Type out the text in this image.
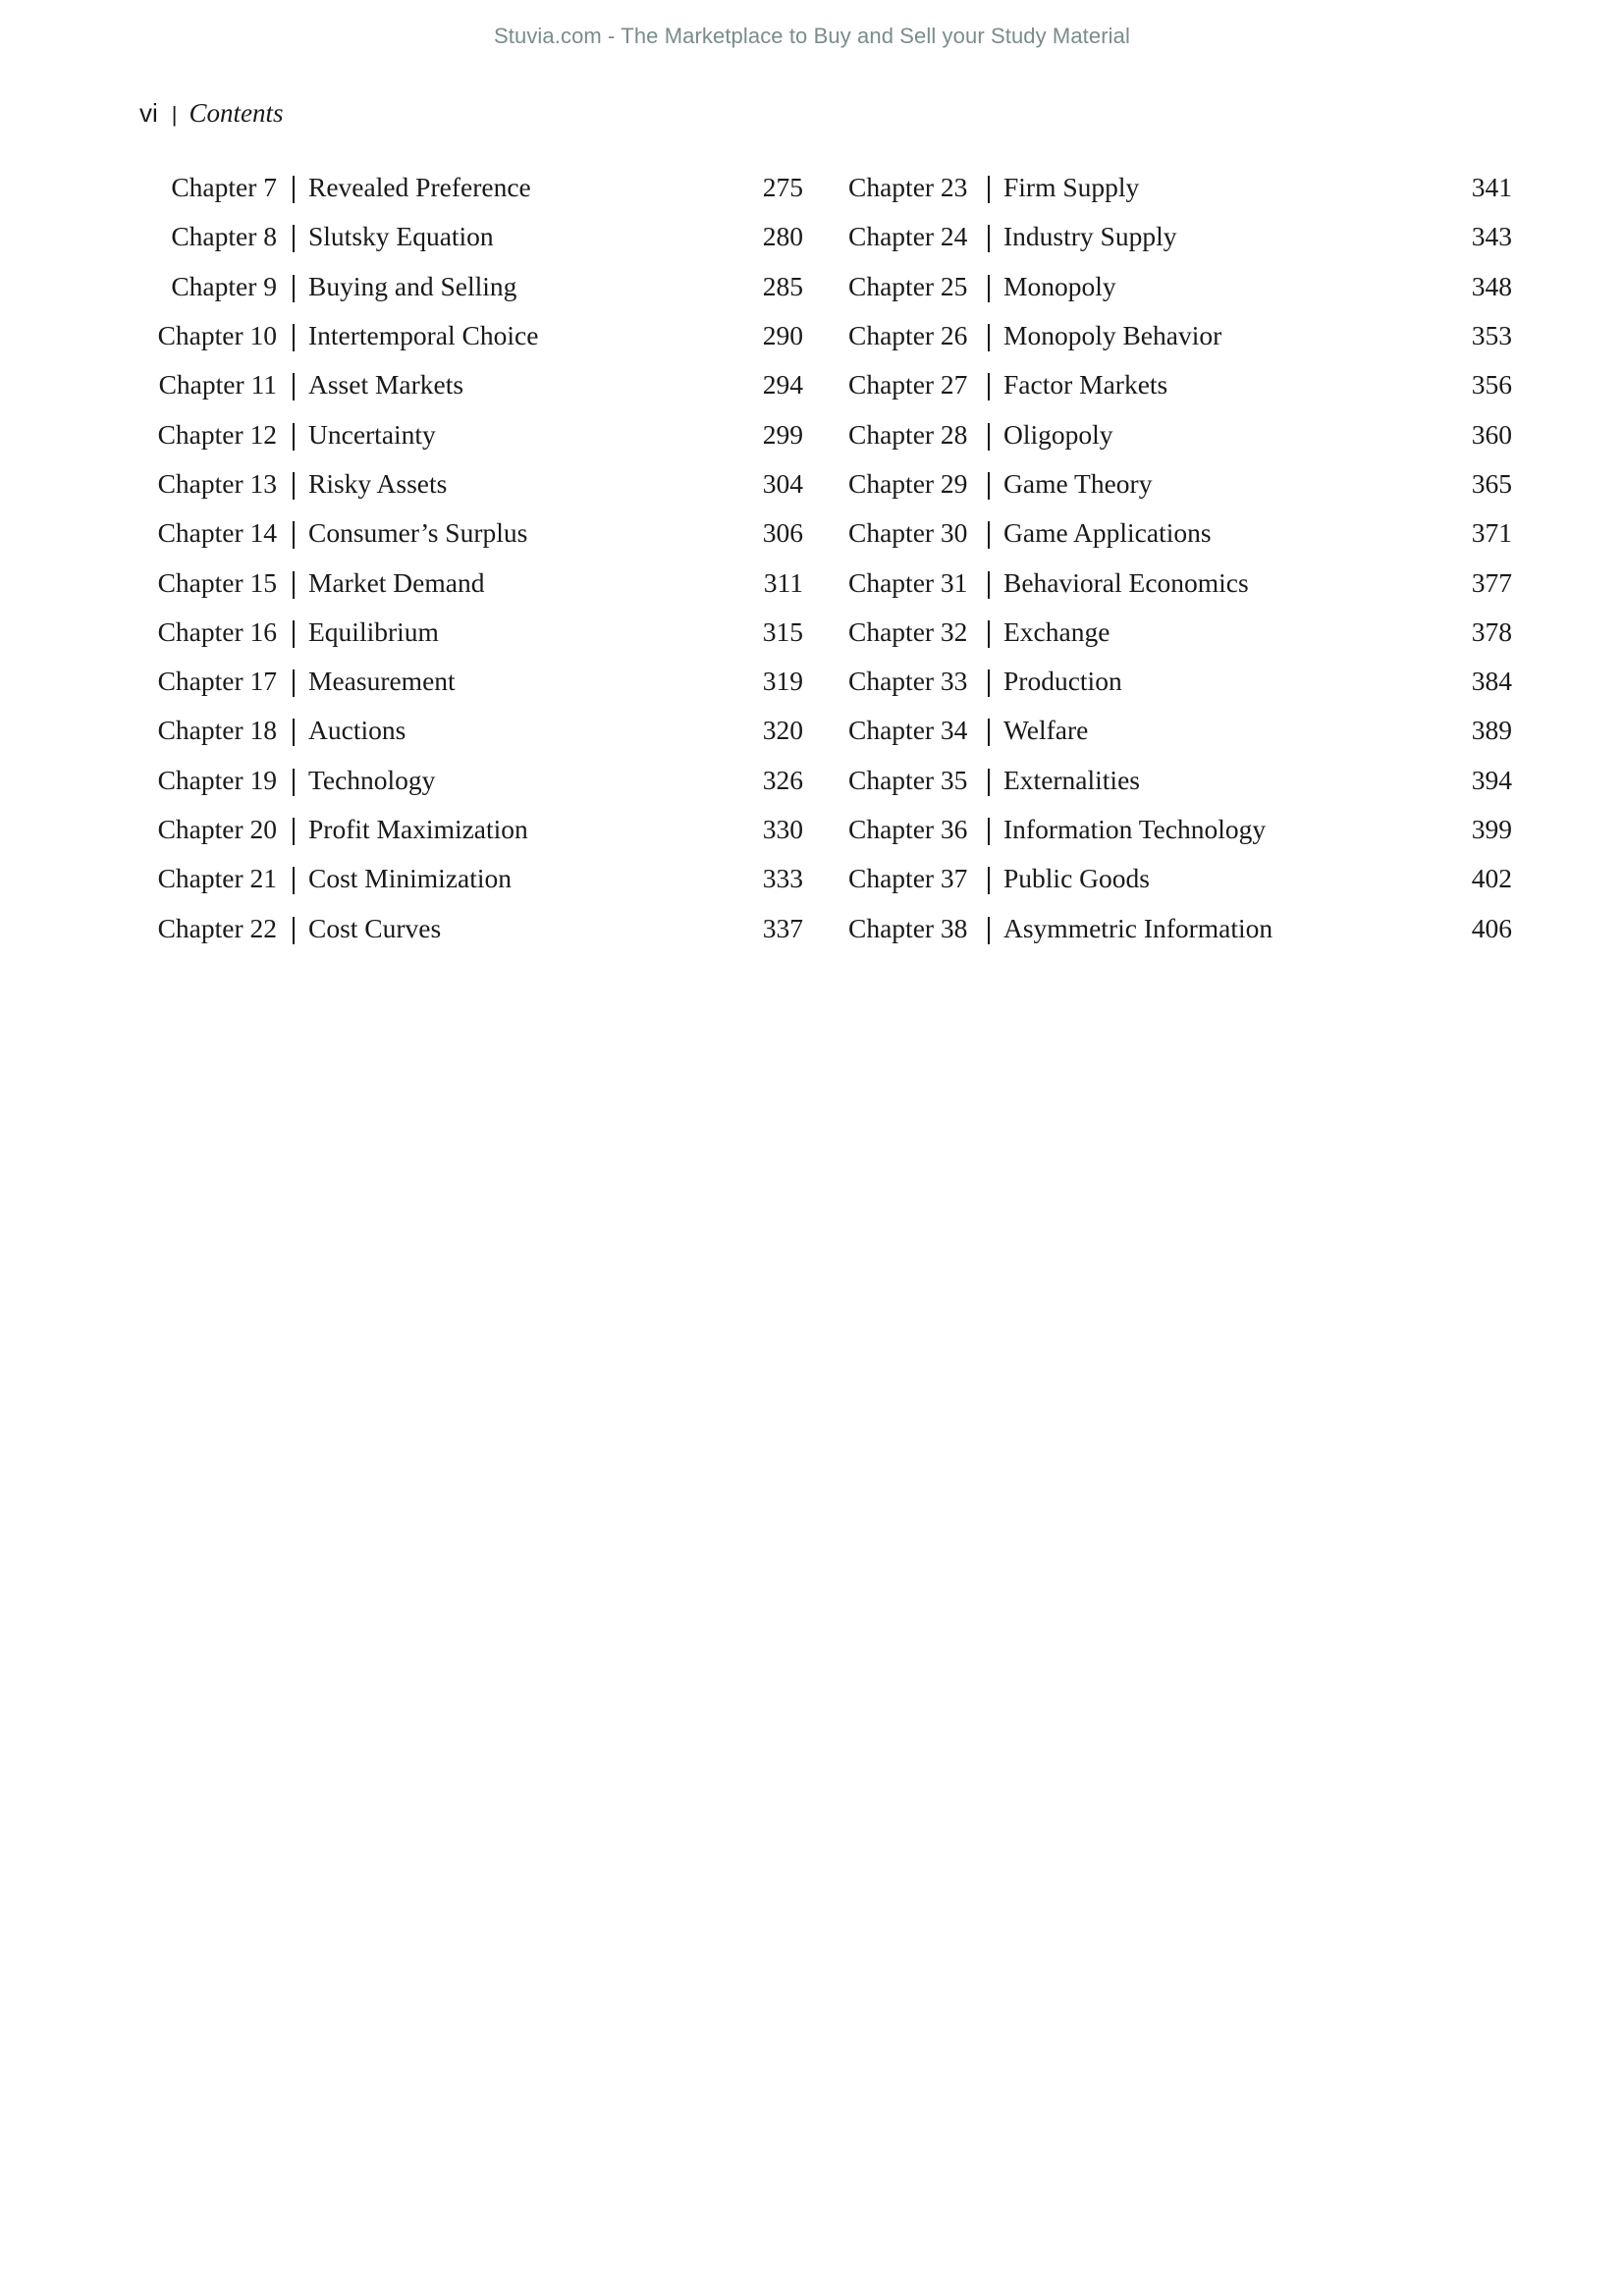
Stuvia.com - The Marketplace to Buy and Sell your Study Material
vi | Contents
Chapter 7 Revealed Preference	275
Chapter 8 Slutsky Equation	280
Chapter 9 Buying and Selling	285
Chapter 10 Intertemporal Choice	290
Chapter 11 Asset Markets	294
Chapter 12 Uncertainty	299
Chapter 13 Risky Assets	304
Chapter 14 Consumer’s Surplus	306
Chapter 15 Market Demand	311
Chapter 16 Equilibrium	315
Chapter 17 Measurement	319
Chapter 18 Auctions	320
Chapter 19 Technology	326
Chapter 20 Profit Maximization	330
Chapter 21 Cost Minimization	333
Chapter 22 Cost Curves	337
Chapter 23 Firm Supply	341
Chapter 24 Industry Supply	343
Chapter 25 Monopoly	348
Chapter 26 Monopoly Behavior	353
Chapter 27 Factor Markets	356
Chapter 28 Oligopoly	360
Chapter 29 Game Theory	365
Chapter 30 Game Applications	371
Chapter 31 Behavioral Economics	377
Chapter 32 Exchange	378
Chapter 33 Production	384
Chapter 34 Welfare	389
Chapter 35 Externalities	394
Chapter 36 Information Technology	399
Chapter 37 Public Goods	402
Chapter 38 Asymmetric Information	406
